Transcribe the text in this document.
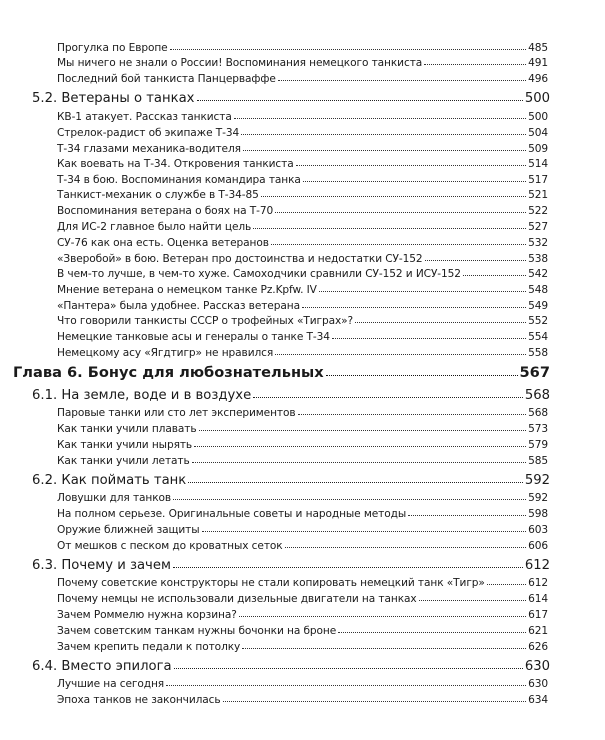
Прогулка по Европе	485
Мы ничего не знали о России! Воспоминания немецкого танкиста	491
Последний бой танкиста Панцерваффе	496
5.2. Ветераны о танках	500
КВ-1 атакует. Рассказ танкиста	500
Стрелок-радист об экипаже Т-34	504
Т-34 глазами механика-водителя	509
Как воевать на Т-34. Откровения танкиста	514
Т-34 в бою. Воспоминания командира танка	517
Танкист-механик о службе в Т-34-85	521
Воспоминания ветерана о боях на Т-70	522
Для ИС-2 главное было найти цель	527
СУ-76 как она есть. Оценка ветеранов	532
«Зверобой» в бою. Ветеран про достоинства и недостатки СУ-152	538
В чем-то лучше, в чем-то хуже. Самоходчики сравнили СУ-152 и ИСУ-152	542
Мнение ветерана о немецком танке Pz.Kpfw. IV	548
«Пантера» была удобнее. Рассказ ветерана	549
Что говорили танкисты СССР о трофейных «Тиграх»?	552
Немецкие танковые асы и генералы о танке Т-34	554
Немецкому асу «Ягдтигр» не нравился	558
Глава 6. Бонус для любознательных	567
6.1. На земле, воде и в воздухе	568
Паровые танки или сто лет экспериментов	568
Как танки учили плавать	573
Как танки учили нырять	579
Как танки учили летать	585
6.2. Как поймать танк	592
Ловушки для танков	592
На полном серьезе. Оригинальные советы и народные методы	598
Оружие ближней защиты	603
От мешков с песком до кроватных сеток	606
6.3. Почему и зачем	612
Почему советские конструкторы не стали копировать немецкий танк «Тигр»	612
Почему немцы не использовали дизельные двигатели на танках	614
Зачем Роммелю нужна корзина?	617
Зачем советским танкам нужны бочонки на броне	621
Зачем крепить педали к потолку	626
6.4. Вместо эпилога	630
Лучшие на сегодня	630
Эпоха танков не закончилась	634
